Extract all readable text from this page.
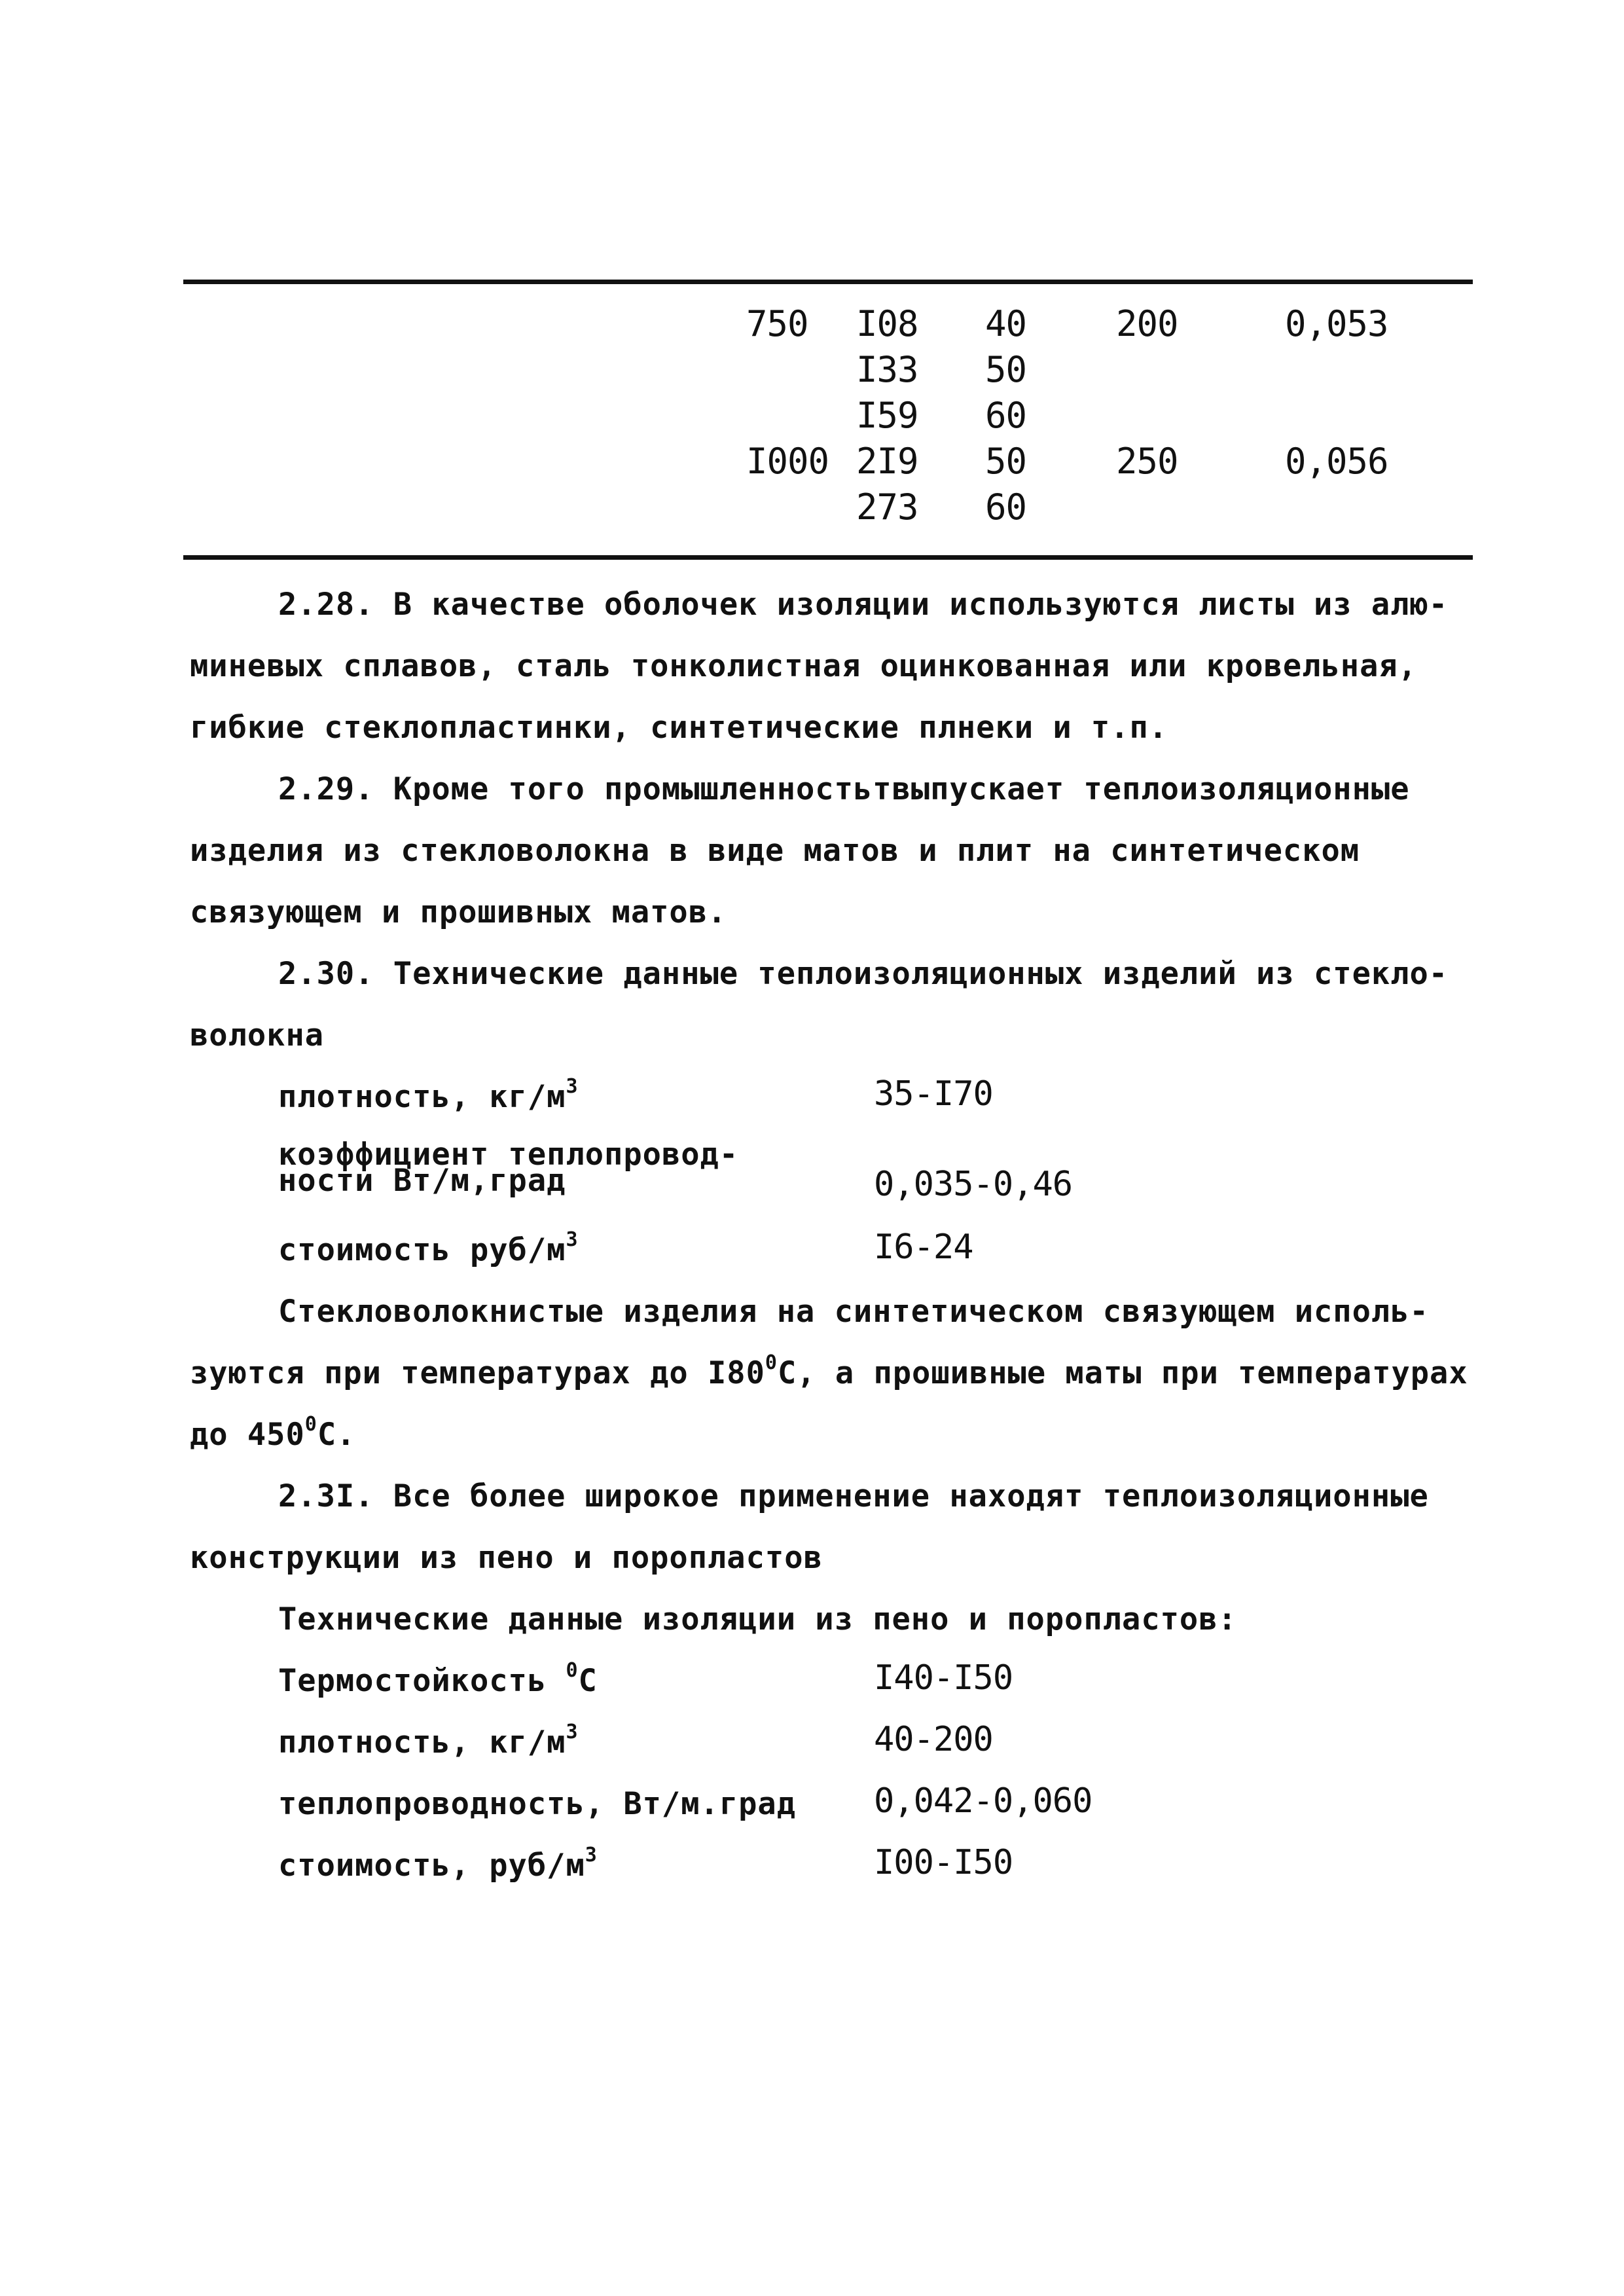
750 I08 40	200	0,053
I33 50
I59 60
I000 2I9 50	250	0,056
273 60
2.28. В качестве оболочек изоляции используются листы из алю-
миневых сплавов, сталь тонколистная оцинкованная или кровельная,
гибкие стеклопластинки, синтетические плнеки и т.п.
2.29. Кроме того промышленностьтвыпускает теплоизоляционные
изделия из стекловолокна в виде матов и плит на синтетическом
связующем и прошивных матов.
2.30. Технические данные теплоизоляционных изделий из стекло-
волокна
плотность, $кг/м^3$	35-I70
коэффициент теплопровод-
ности Вт/м,град	0,035-0,46
стоимость руб/$м^3$	I6-24
Стекловолокнистые изделия на синтетическом связующем исполь-
зуются при температурах до $I80^0С$, а прошивные маты при температурах
до $450^0С$.
2.3I. Все более широкое применение находят теплоизоляционные
конструкции из пено и поропластов
Технические данные изоляции из пено и поропластов:
Термостойкость $^0$С	I40-I50
плотность, $кг/м^3$	40-200
теплопроводность, Вт/м.град 0,042-0,060
стоимость, руб/$м^3$	I00-I50
